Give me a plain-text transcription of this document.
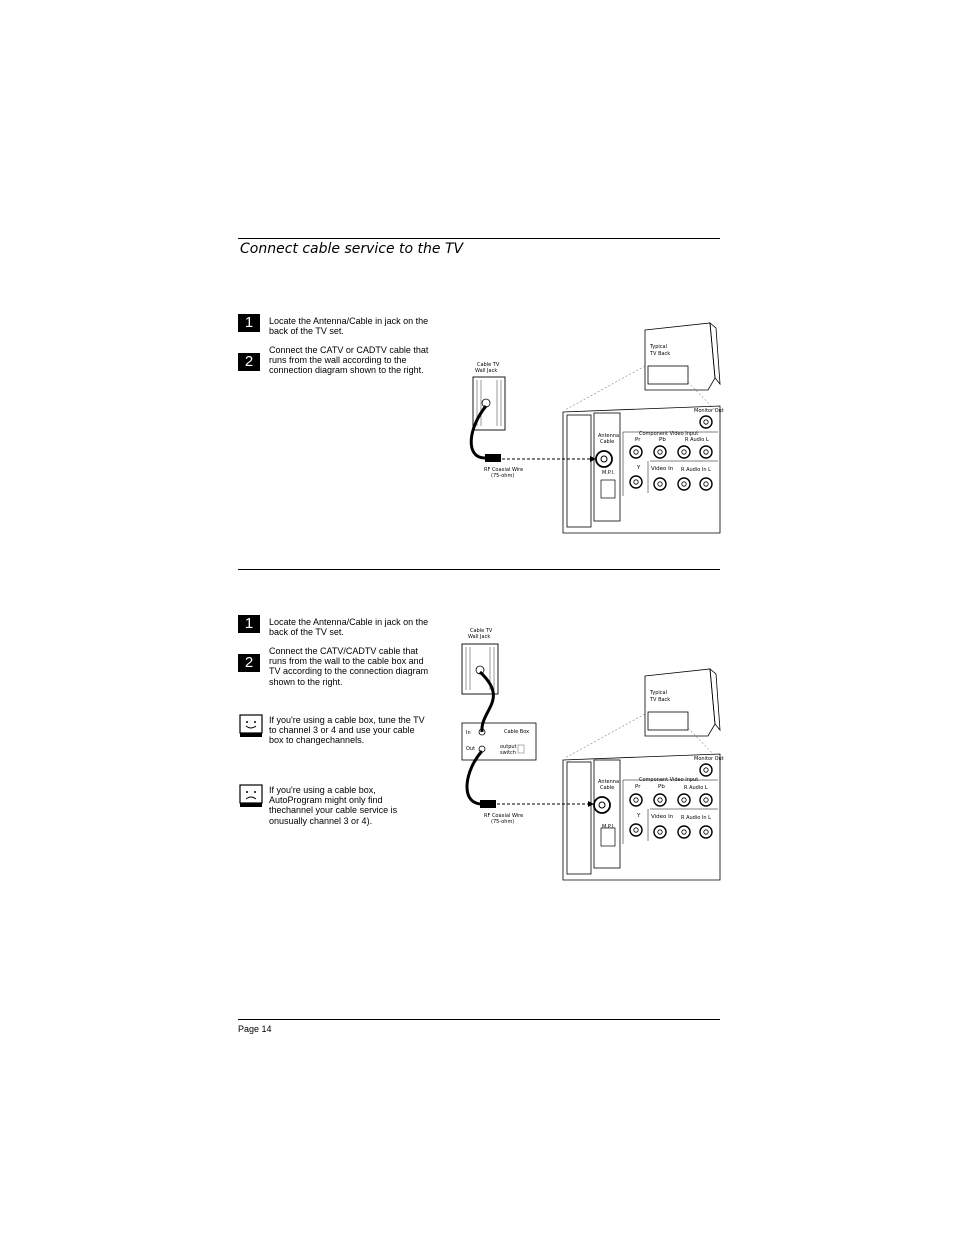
Connect cable service to the TV
1	Locate the Antenna/Cable in jack on the back of the TV set.
2
Connect the CATV or CADTV cable that runs from the wall according to the connection diagram shown to the right.
Typical
TV Back
Cable TV
Wall Jack
RF Coaxial Wire
(75-ohm)
Antenna
Cable
M.P.I.
Monitor Out
Component Video Input
Pr	Pb	R Audio L
Y Video In R Audio In L
1	Locate the Antenna/Cable in jack on the back of the TV set.
2
Connect the CATV/CADTV cable that runs from the wall to the cable box and TV according to the connection diagram shown to the right.
If you're using a cable box, tune the TV to channel 3 or 4 and use your cable box to changechannels.
If you're using a cable box, AutoProgram might only find thechannel your cable service is onusually channel 3 or 4).
Cable TV
Wall Jack
In
Out
Cable Box
output
switch
RF Coaxial Wire
(75-ohm)
Typical
TV Back
Antenna
Cable
M.P.I.
Monitor Out
Component Video Input
Pr	Pb	R Audio L
Y Video In R Audio In L
Page 14
